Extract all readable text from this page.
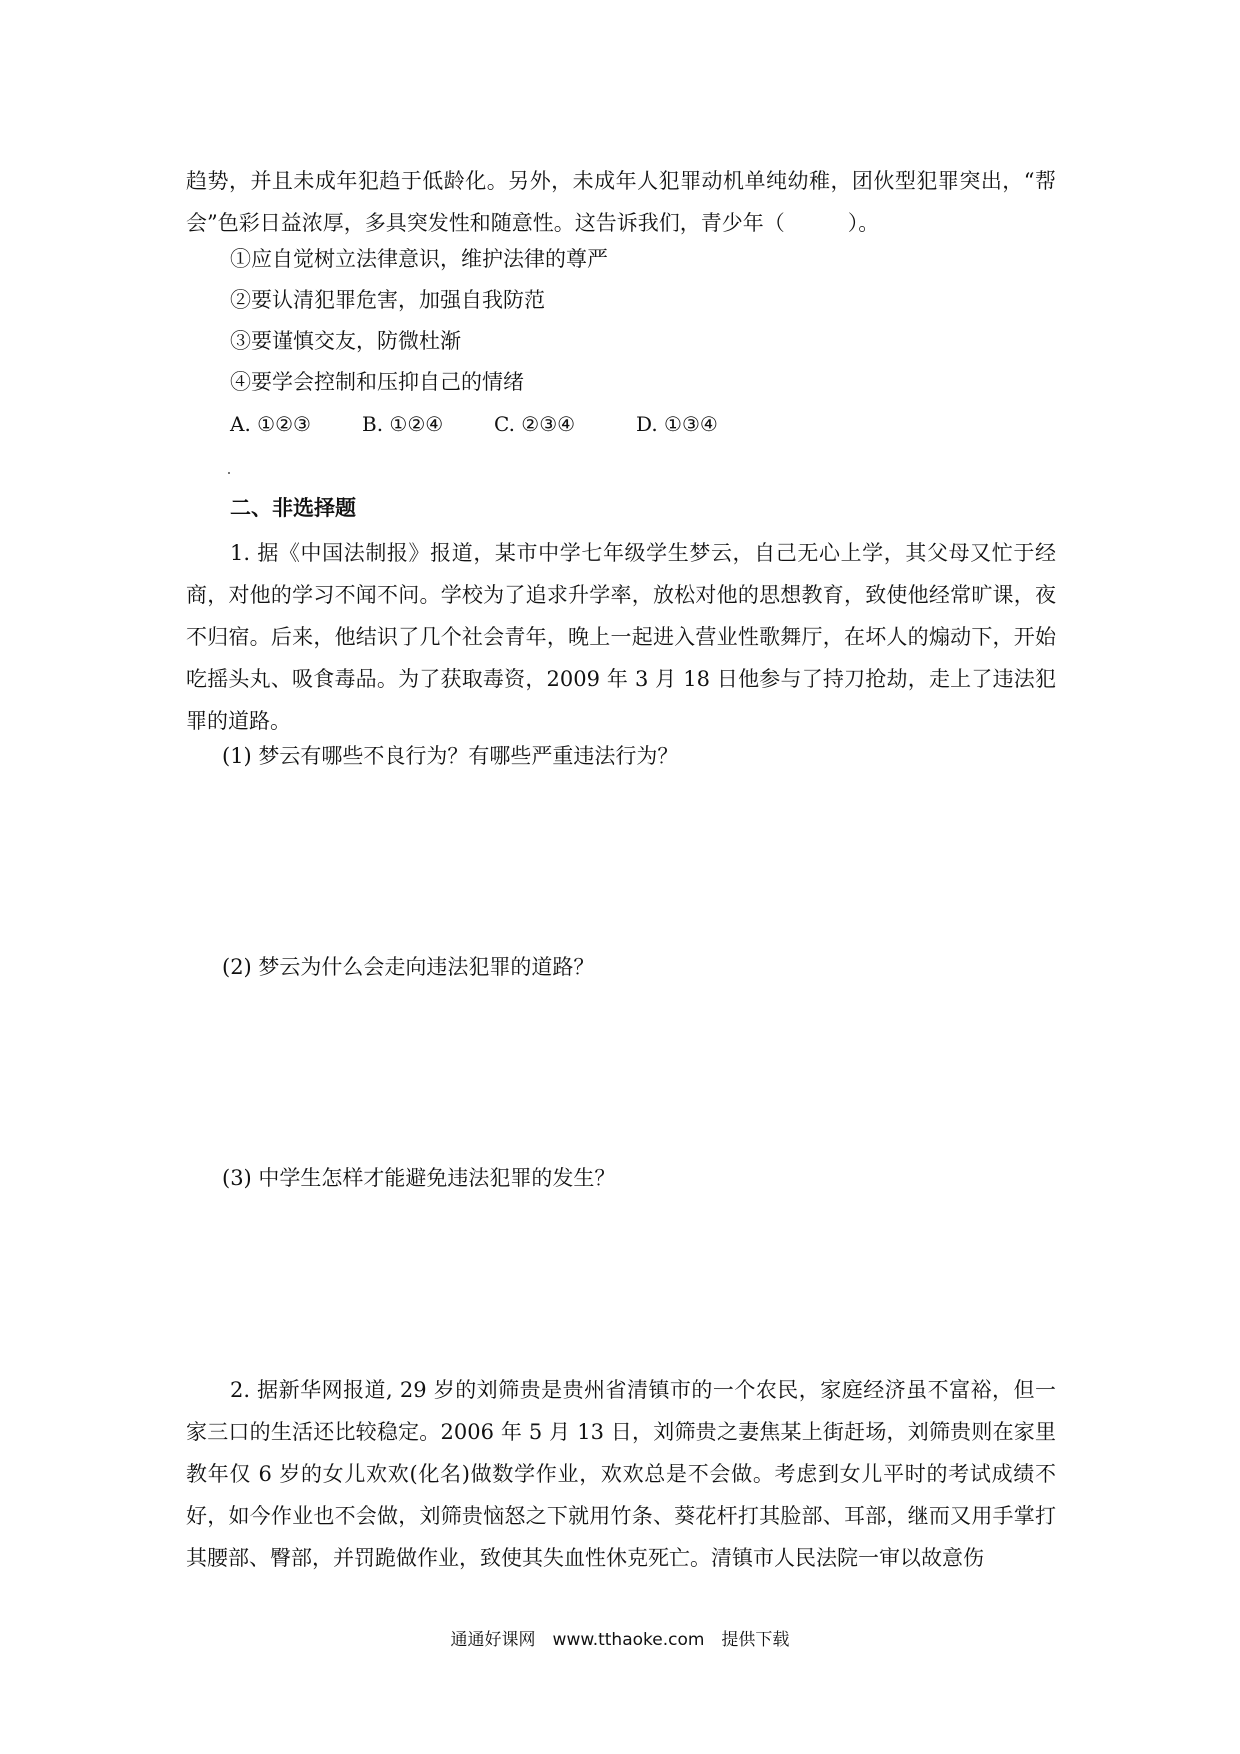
趋势，并且未成年犯趋于低龄化。另外，未成年人犯罪动机单纯幼稚，团伙型犯罪突出，“帮会”色彩日益浓厚，多具突发性和随意性。这告诉我们，青少年（　　　）。
①应自觉树立法律意识，维护法律的尊严
②要认清犯罪危害，加强自我防范
③要谨慎交友，防微杜渐
④要学会控制和压抑自己的情绪
A. ①②③	B. ①②④	C. ②③④	D. ①③④
二、非选择题
1. 据《中国法制报》报道，某市中学七年级学生梦云，自己无心上学，其父母又忙于经商，对他的学习不闻不问。学校为了追求升学率，放松对他的思想教育，致使他经常旷课，夜不归宿。后来，他结识了几个社会青年，晚上一起进入营业性歌舞厅，在坏人的煽动下，开始吃摇头丸、吸食毒品。为了获取毒资，2009 年 3 月 18 日他参与了持刀抢劫，走上了违法犯罪的道路。
(1) 梦云有哪些不良行为？有哪些严重违法行为？
(2) 梦云为什么会走向违法犯罪的道路？
(3) 中学生怎样才能避免违法犯罪的发生？
2. 据新华网报道, 29 岁的刘筛贵是贵州省清镇市的一个农民，家庭经济虽不富裕，但一家三口的生活还比较稳定。2006 年 5 月 13 日，刘筛贵之妻焦某上街赶场，刘筛贵则在家里教年仅 6 岁的女儿欢欢(化名)做数学作业，欢欢总是不会做。考虑到女儿平时的考试成绩不好，如今作业也不会做，刘筛贵恼怒之下就用竹条、葵花杆打其脸部、耳部，继而又用手掌打其腰部、臀部，并罚跪做作业，致使其失血性休克死亡。清镇市人民法院一审以故意伤
通通好课网　www.tthaoke.com　提供下载
